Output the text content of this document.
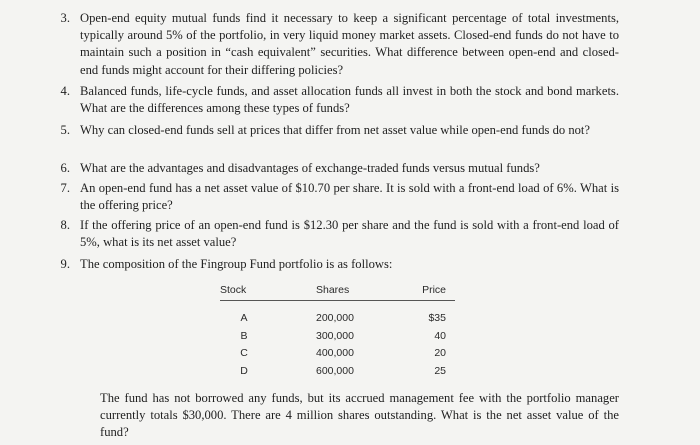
3. Open-end equity mutual funds find it necessary to keep a significant percentage of total investments, typically around 5% of the portfolio, in very liquid money market assets. Closed-end funds do not have to maintain such a position in “cash equivalent” securities. What difference between open-end and closed-end funds might account for their differing policies?
4. Balanced funds, life-cycle funds, and asset allocation funds all invest in both the stock and bond markets. What are the differences among these types of funds?
5. Why can closed-end funds sell at prices that differ from net asset value while open-end funds do not?
6. What are the advantages and disadvantages of exchange-traded funds versus mutual funds?
7. An open-end fund has a net asset value of $10.70 per share. It is sold with a front-end load of 6%. What is the offering price?
8. If the offering price of an open-end fund is $12.30 per share and the fund is sold with a front-end load of 5%, what is its net asset value?
9. The composition of the Fingroup Fund portfolio is as follows:
Stock	Shares	Price
A	200,000	$35
B	300,000	40
C	400,000	20
D	600,000	25
The fund has not borrowed any funds, but its accrued management fee with the portfolio manager currently totals $30,000. There are 4 million shares outstanding. What is the net asset value of the fund?
